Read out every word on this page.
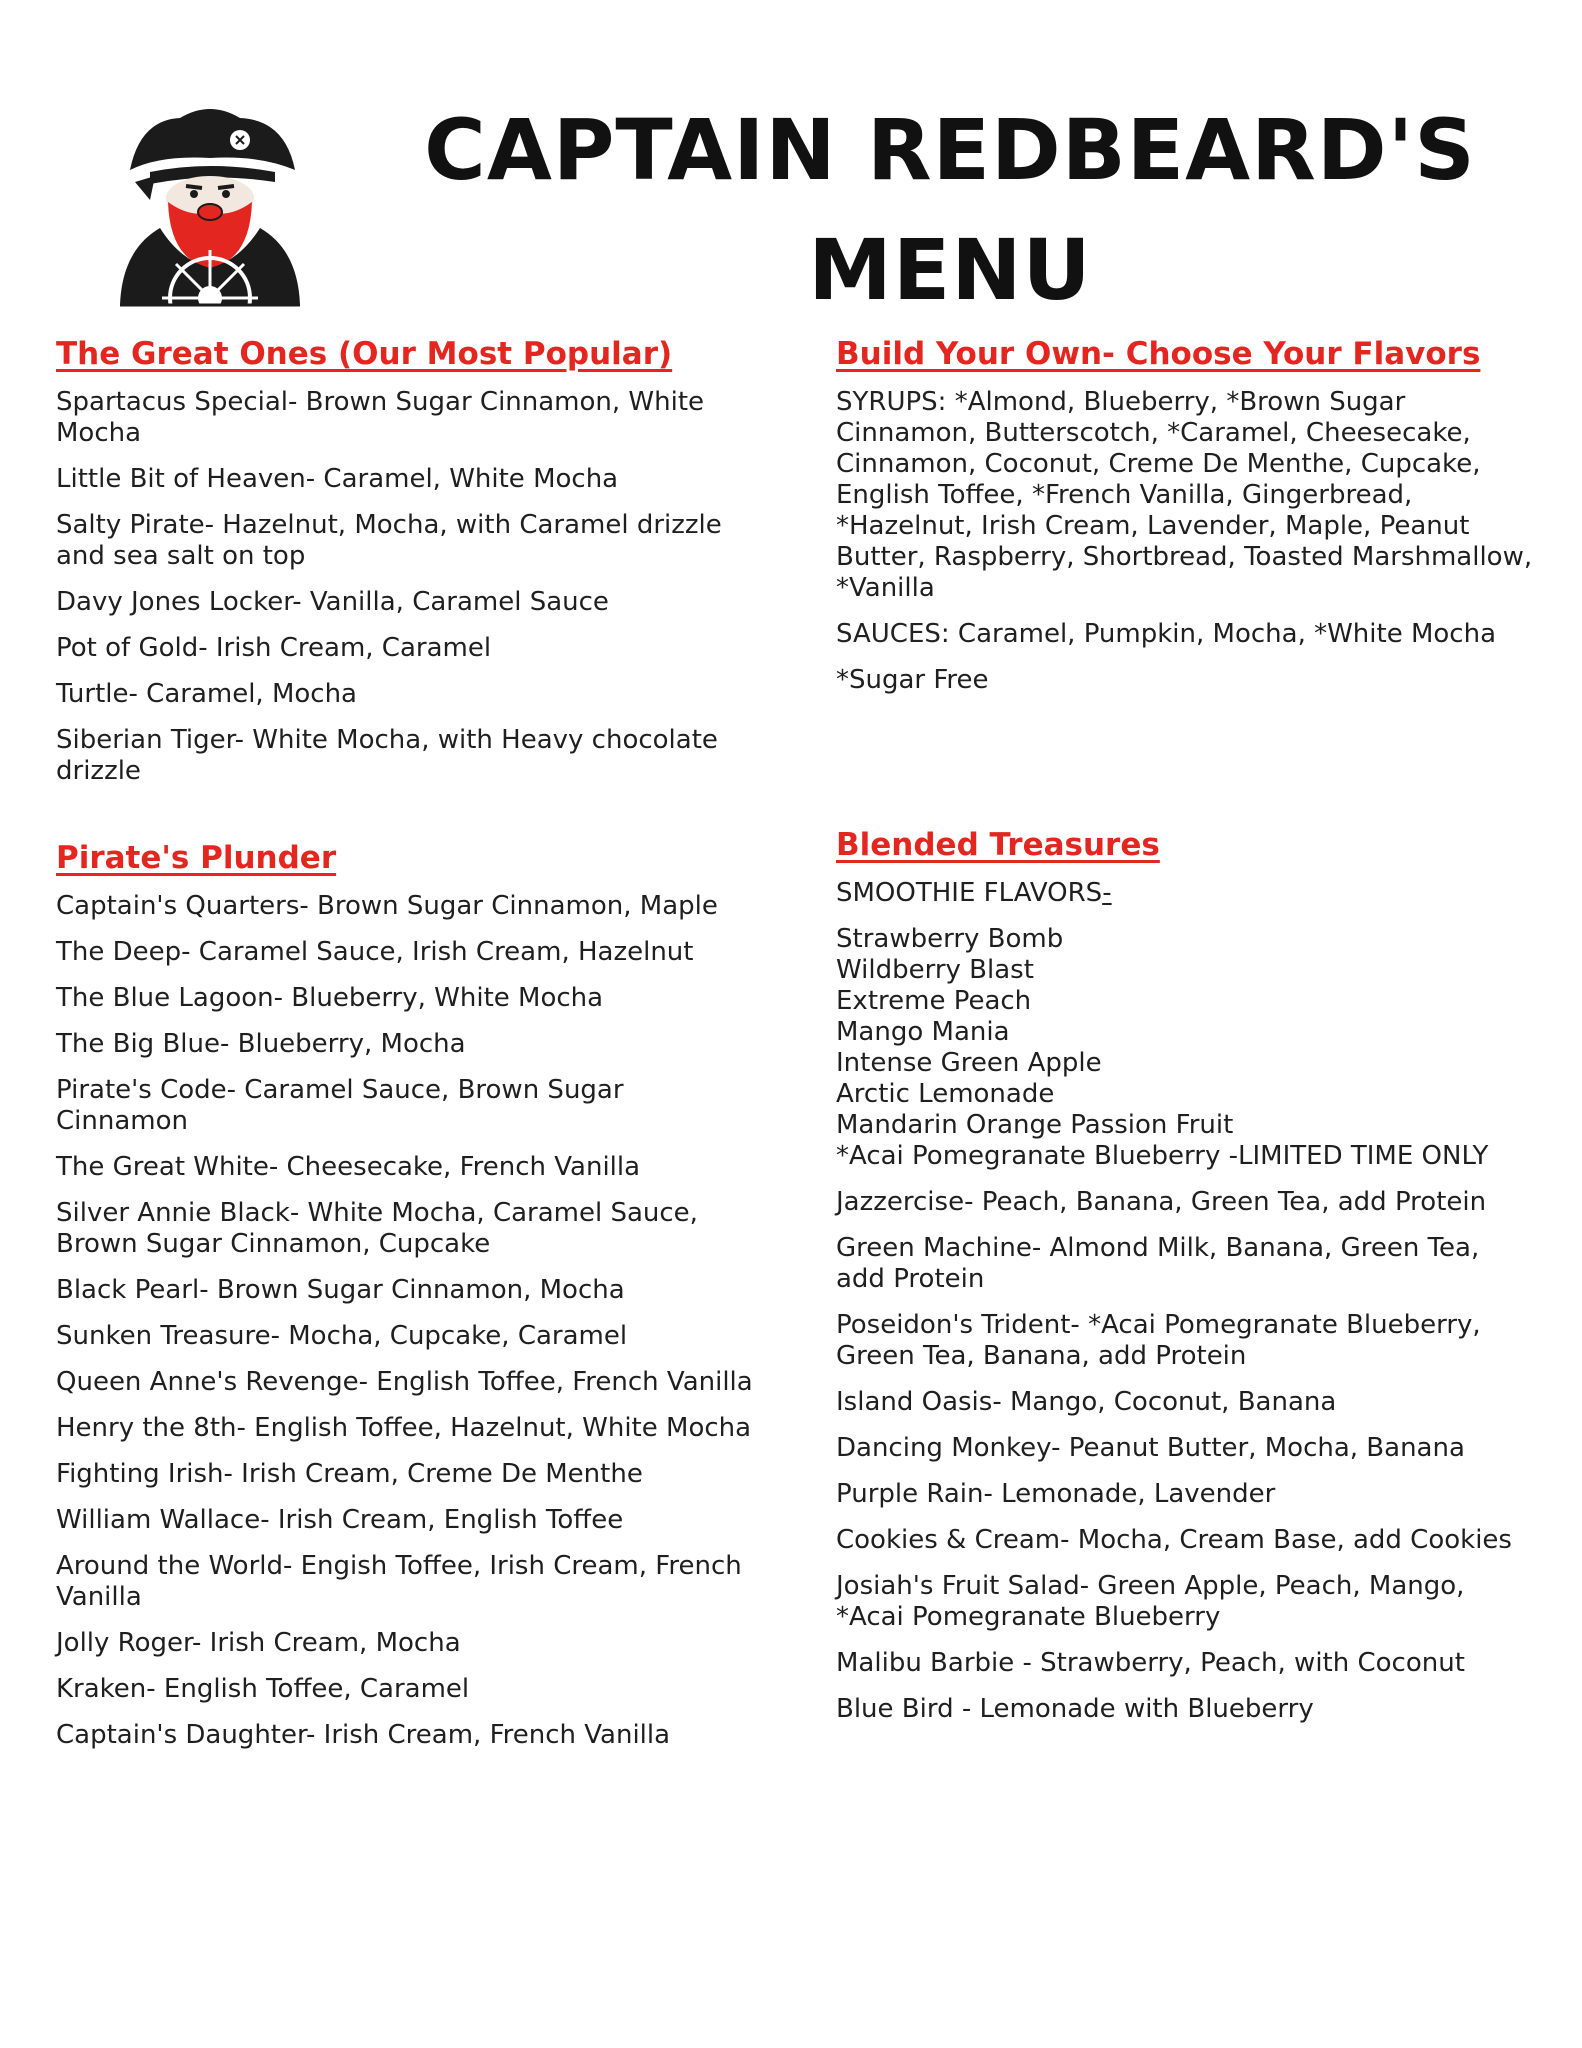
CAPTAIN REDBEARD'S
MENU
The Great Ones (Our Most Popular)
Spartacus Special- Brown Sugar Cinnamon, White Mocha
Little Bit of Heaven- Caramel, White Mocha
Salty Pirate- Hazelnut, Mocha, with Caramel drizzle and sea salt on top
Davy Jones Locker- Vanilla, Caramel Sauce
Pot of Gold- Irish Cream, Caramel
Turtle- Caramel, Mocha
Siberian Tiger- White Mocha, with Heavy chocolate drizzle
Pirate's Plunder
Captain's Quarters- Brown Sugar Cinnamon, Maple
The Deep- Caramel Sauce, Irish Cream, Hazelnut
The Blue Lagoon- Blueberry, White Mocha
The Big Blue- Blueberry, Mocha
Pirate's Code- Caramel Sauce, Brown Sugar Cinnamon
The Great White- Cheesecake, French Vanilla
Silver Annie Black- White Mocha, Caramel Sauce, Brown Sugar Cinnamon, Cupcake
Black Pearl- Brown Sugar Cinnamon, Mocha
Sunken Treasure- Mocha, Cupcake, Caramel
Queen Anne's Revenge- English Toffee, French Vanilla
Henry the 8th- English Toffee, Hazelnut, White Mocha
Fighting Irish- Irish Cream, Creme De Menthe
William Wallace- Irish Cream, English Toffee
Around the World- Engish Toffee, Irish Cream, French Vanilla
Jolly Roger- Irish Cream, Mocha
Kraken- English Toffee, Caramel
Captain's Daughter- Irish Cream, French Vanilla
Build Your Own- Choose Your Flavors
SYRUPS: *Almond, Blueberry, *Brown Sugar Cinnamon, Butterscotch, *Caramel, Cheesecake, Cinnamon, Coconut, Creme De Menthe, Cupcake, English Toffee, *French Vanilla, Gingerbread, *Hazelnut, Irish Cream, Lavender, Maple, Peanut Butter, Raspberry, Shortbread, Toasted Marshmallow, *Vanilla
SAUCES: Caramel, Pumpkin, Mocha, *White Mocha
*Sugar Free
Blended Treasures
SMOOTHIE FLAVORS-
Strawberry Bomb
Wildberry Blast
Extreme Peach
Mango Mania
Intense Green Apple
Arctic Lemonade
Mandarin Orange Passion Fruit
*Acai Pomegranate Blueberry -LIMITED TIME ONLY
Jazzercise- Peach, Banana, Green Tea, add Protein
Green Machine- Almond Milk, Banana, Green Tea, add Protein
Poseidon's Trident- *Acai Pomegranate Blueberry, Green Tea, Banana, add Protein
Island Oasis- Mango, Coconut, Banana
Dancing Monkey- Peanut Butter, Mocha, Banana
Purple Rain- Lemonade, Lavender
Cookies & Cream- Mocha, Cream Base, add Cookies
Josiah's Fruit Salad- Green Apple, Peach, Mango, *Acai Pomegranate Blueberry
Malibu Barbie - Strawberry, Peach, with Coconut
Blue Bird - Lemonade with Blueberry
